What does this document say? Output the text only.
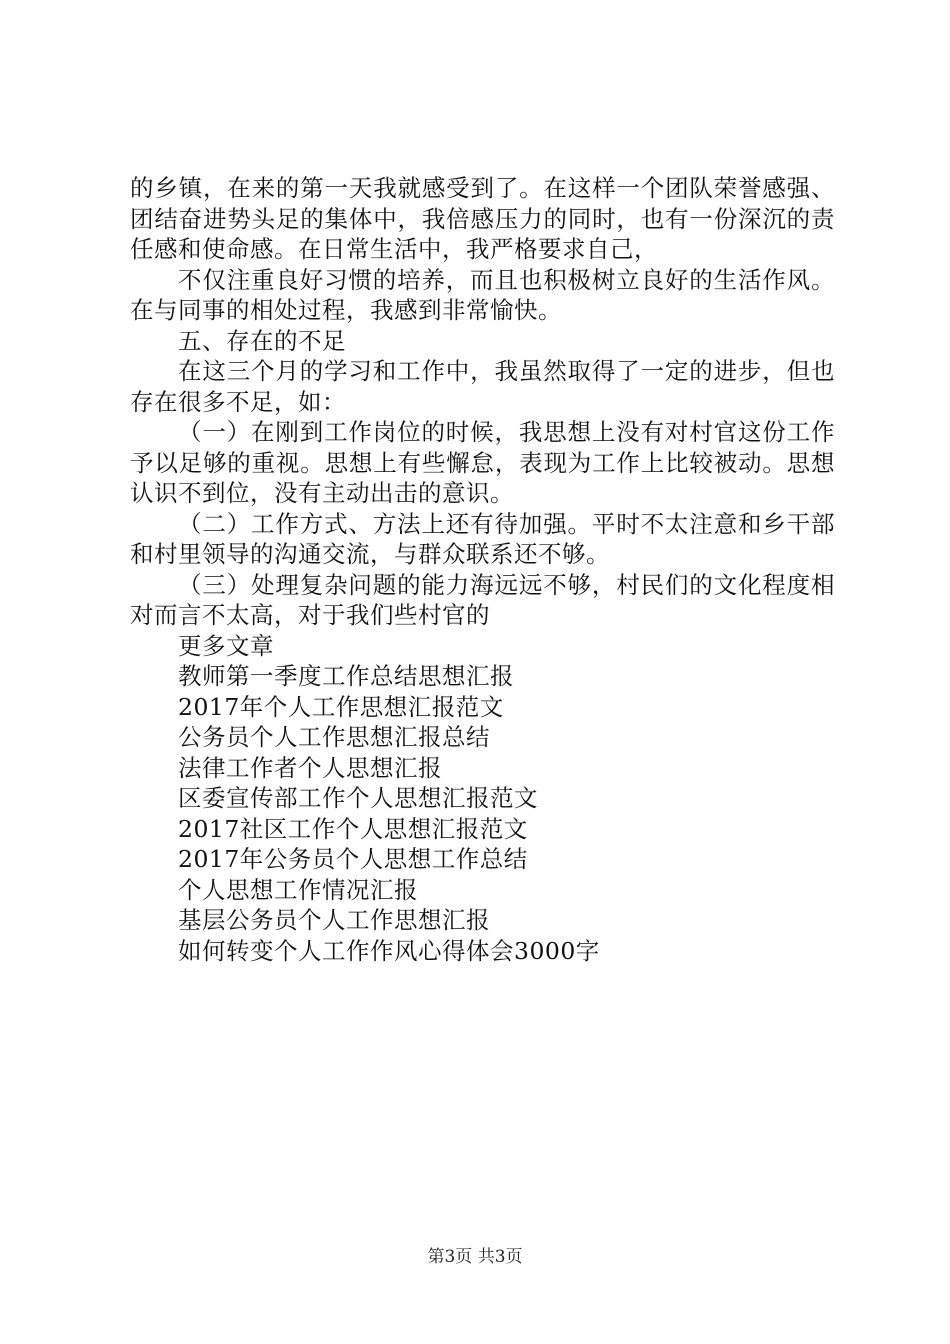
的乡镇，在来的第一天我就感受到了。在这样一个团队荣誉感强、团结奋进势头足的集体中，我倍感压力的同时，也有一份深沉的责任感和使命感。在日常生活中，我严格要求自己，

不仅注重良好习惯的培养，而且也积极树立良好的生活作风。在与同事的相处过程，我感到非常愉快。

五、存在的不足

在这三个月的学习和工作中，我虽然取得了一定的进步，但也存在很多不足，如：

（一）在刚到工作岗位的时候，我思想上没有对村官这份工作予以足够的重视。思想上有些懈怠，表现为工作上比较被动。思想认识不到位，没有主动出击的意识。

（二）工作方式、方法上还有待加强。平时不太注意和乡干部和村里领导的沟通交流，与群众联系还不够。

（三）处理复杂问题的能力海远远不够，村民们的文化程度相对而言不太高，对于我们些村官的

更多文章

教师第一季度工作总结思想汇报

2017年个人工作思想汇报范文

公务员个人工作思想汇报总结

法律工作者个人思想汇报

区委宣传部工作个人思想汇报范文

2017社区工作个人思想汇报范文

2017年公务员个人思想工作总结

个人思想工作情况汇报

基层公务员个人工作思想汇报

如何转变个人工作作风心得体会3000字

第3页 共3页
